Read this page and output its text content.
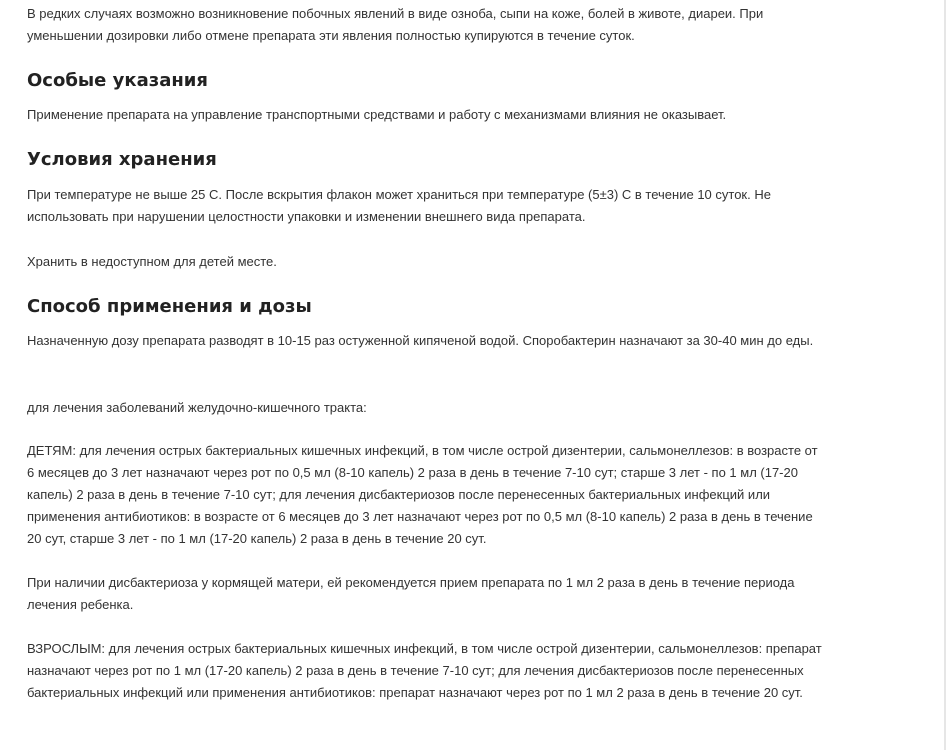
В редких случаях возможно возникновение побочных явлений в виде озноба, сыпи на коже, болей в животе, диареи. При уменьшении дозировки либо отмене препарата эти явления полностью купируются в течение суток.

Особые указания

Применение препарата на управление транспортными средствами и работу с механизмами влияния не оказывает.

Условия хранения

При температуре не выше 25 С. После вскрытия флакон может храниться при температуре (5±3) С в течение 10 суток. Не использовать при нарушении целостности упаковки и изменении внешнего вида препарата.

Хранить в недоступном для детей месте.

Способ применения и дозы

Назначенную дозу препарата разводят в 10-15 раз остуженной кипяченой водой. Споробактерин назначают за 30-40 мин до еды.

для лечения заболеваний желудочно-кишечного тракта:

ДЕТЯМ: для лечения острых бактериальных кишечных инфекций, в том числе острой дизентерии, сальмонеллезов: в возрасте от 6 месяцев до 3 лет назначают через рот по 0,5 мл (8-10 капель) 2 раза в день в течение 7-10 сут; старше 3 лет - по 1 мл (17-20 капель) 2 раза в день в течение 7-10 сут; для лечения дисбактериозов после перенесенных бактериальных инфекций или применения антибиотиков: в возрасте от 6 месяцев до 3 лет назначают через рот по 0,5 мл (8-10 капель) 2 раза в день в течение 20 сут, старше 3 лет - по 1 мл (17-20 капель) 2 раза в день в течение 20 сут.

При наличии дисбактериоза у кормящей матери, ей рекомендуется прием препарата по 1 мл 2 раза в день в течение периода лечения ребенка.

ВЗРОСЛЫМ: для лечения острых бактериальных кишечных инфекций, в том числе острой дизентерии, сальмонеллезов: препарат назначают через рот по 1 мл (17-20 капель) 2 раза в день в течение 7-10 сут; для лечения дисбактериозов после перенесенных бактериальных инфекций или применения антибиотиков: препарат назначают через рот по 1 мл 2 раза в день в течение 20 сут.
